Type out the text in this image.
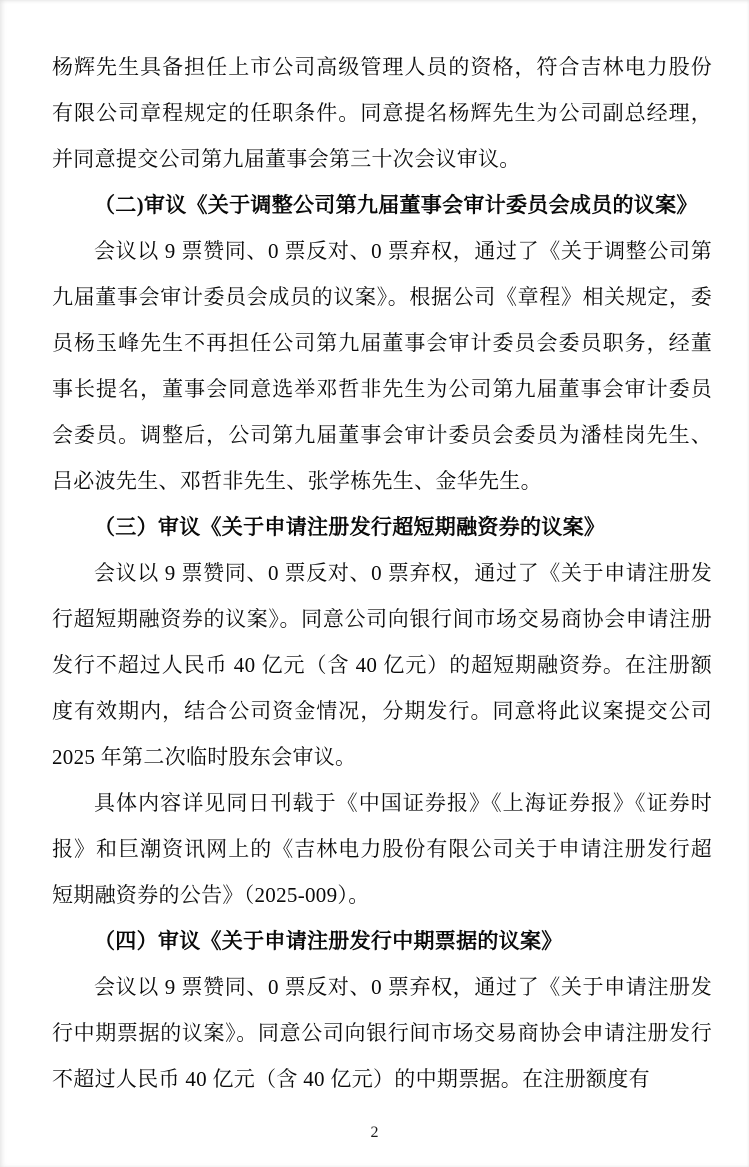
杨辉先生具备担任上市公司高级管理人员的资格，符合吉林电力股份有限公司章程规定的任职条件。同意提名杨辉先生为公司副总经理，并同意提交公司第九届董事会第三十次会议审议。

（二)审议《关于调整公司第九届董事会审计委员会成员的议案》

会议以 9 票赞同、0 票反对、0 票弃权，通过了《关于调整公司第九届董事会审计委员会成员的议案》。根据公司《章程》相关规定，委员杨玉峰先生不再担任公司第九届董事会审计委员会委员职务，经董事长提名，董事会同意选举邓哲非先生为公司第九届董事会审计委员会委员。调整后，公司第九届董事会审计委员会委员为潘桂岗先生、吕必波先生、邓哲非先生、张学栋先生、金华先生。

（三）审议《关于申请注册发行超短期融资券的议案》

会议以 9 票赞同、0 票反对、0 票弃权，通过了《关于申请注册发行超短期融资券的议案》。同意公司向银行间市场交易商协会申请注册发行不超过人民币 40 亿元（含 40 亿元）的超短期融资券。在注册额度有效期内，结合公司资金情况，分期发行。同意将此议案提交公司 2025 年第二次临时股东会审议。

具体内容详见同日刊载于《中国证券报》《上海证券报》《证券时报》和巨潮资讯网上的《吉林电力股份有限公司关于申请注册发行超短期融资券的公告》（2025-009）。

（四）审议《关于申请注册发行中期票据的议案》

会议以 9 票赞同、0 票反对、0 票弃权，通过了《关于申请注册发行中期票据的议案》。同意公司向银行间市场交易商协会申请注册发行不超过人民币 40 亿元（含 40 亿元）的中期票据。在注册额度有

2
